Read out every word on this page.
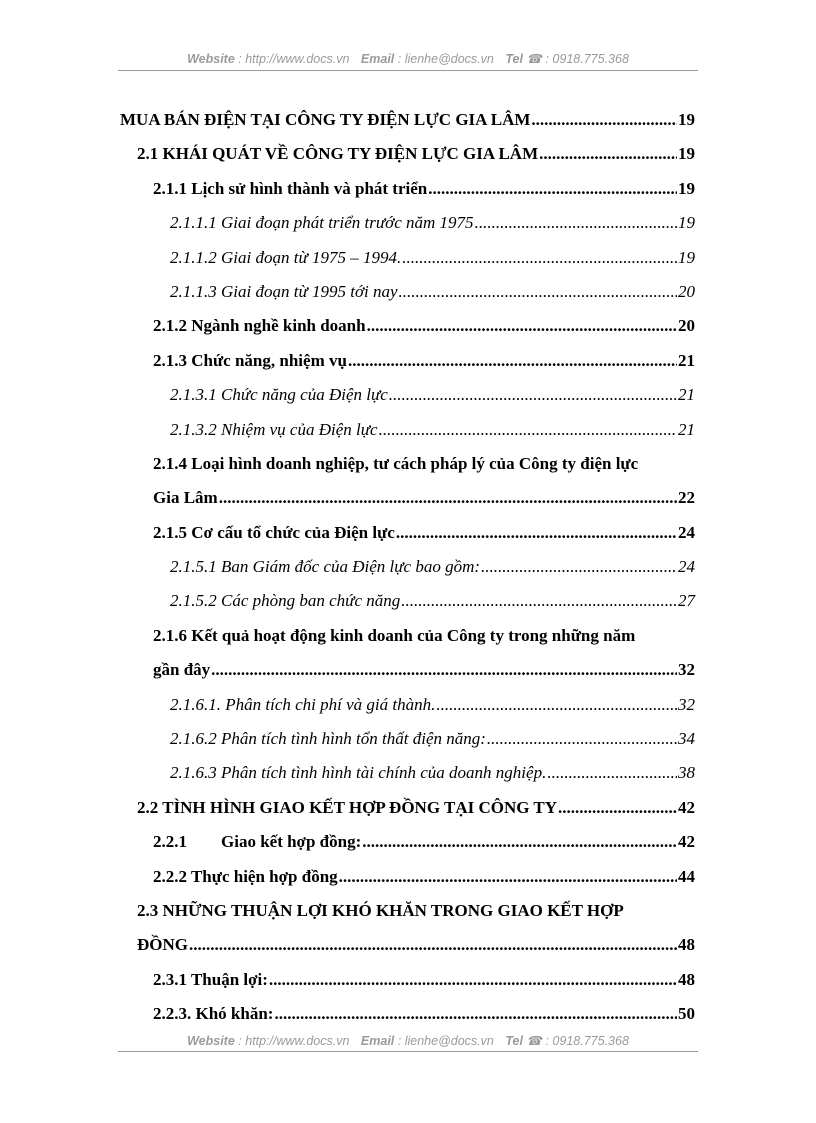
Website : http://www.docs.vn Email : lienhe@docs.vn Tel ☎ : 0918.775.368
MUA BÁN ĐIỆN TẠI CÔNG TY ĐIỆN LỰC GIA LÂM .....	19
2.1 KHÁI QUÁT VỀ CÔNG TY ĐIỆN LỰC GIA LÂM .....	19
2.1.1 Lịch sử hình thành và phát triển .....	19
2.1.1.1 Giai đoạn phát triển trước năm 1975 .....	19
2.1.1.2 Giai đoạn từ 1975 – 1994. .....	19
2.1.1.3 Giai đoạn từ 1995 tới nay .....	20
2.1.2 Ngành nghề kinh doanh .....	20
2.1.3 Chức năng, nhiệm vụ .....	21
2.1.3.1 Chức năng của Điện lực .....	21
2.1.3.2 Nhiệm vụ của Điện lực .....	21
2.1.4 Loại hình doanh nghiệp, tư cách pháp lý của Công ty điện lực
Gia Lâm .....	22
2.1.5 Cơ cấu tổ chức của Điện lực .....	24
2.1.5.1 Ban Giám đốc của Điện lực bao gồm: .....	24
2.1.5.2 Các phòng ban chức năng .....	27
2.1.6 Kết quả hoạt động kinh doanh của Công ty trong những năm
gần đây .....	32
2.1.6.1. Phân tích chi phí và giá thành. .....	32
2.1.6.2 Phân tích tình hình tổn thất điện năng: .....	34
2.1.6.3 Phân tích tình hình tài chính của doanh nghiệp. .....	38
2.2 TÌNH HÌNH GIAO KẾT HỢP ĐỒNG TẠI CÔNG TY .....	42
2.2.1        Giao kết hợp đồng: .....	42
2.2.2 Thực hiện hợp đồng .....	44
2.3 NHỮNG THUẬN LỢI KHÓ KHĂN TRONG GIAO KẾT HỢP
ĐỒNG .....	48
2.3.1 Thuận lợi: .....	48
2.2.3. Khó khăn: .....	50
Website : http://www.docs.vn Email : lienhe@docs.vn Tel ☎ : 0918.775.368
